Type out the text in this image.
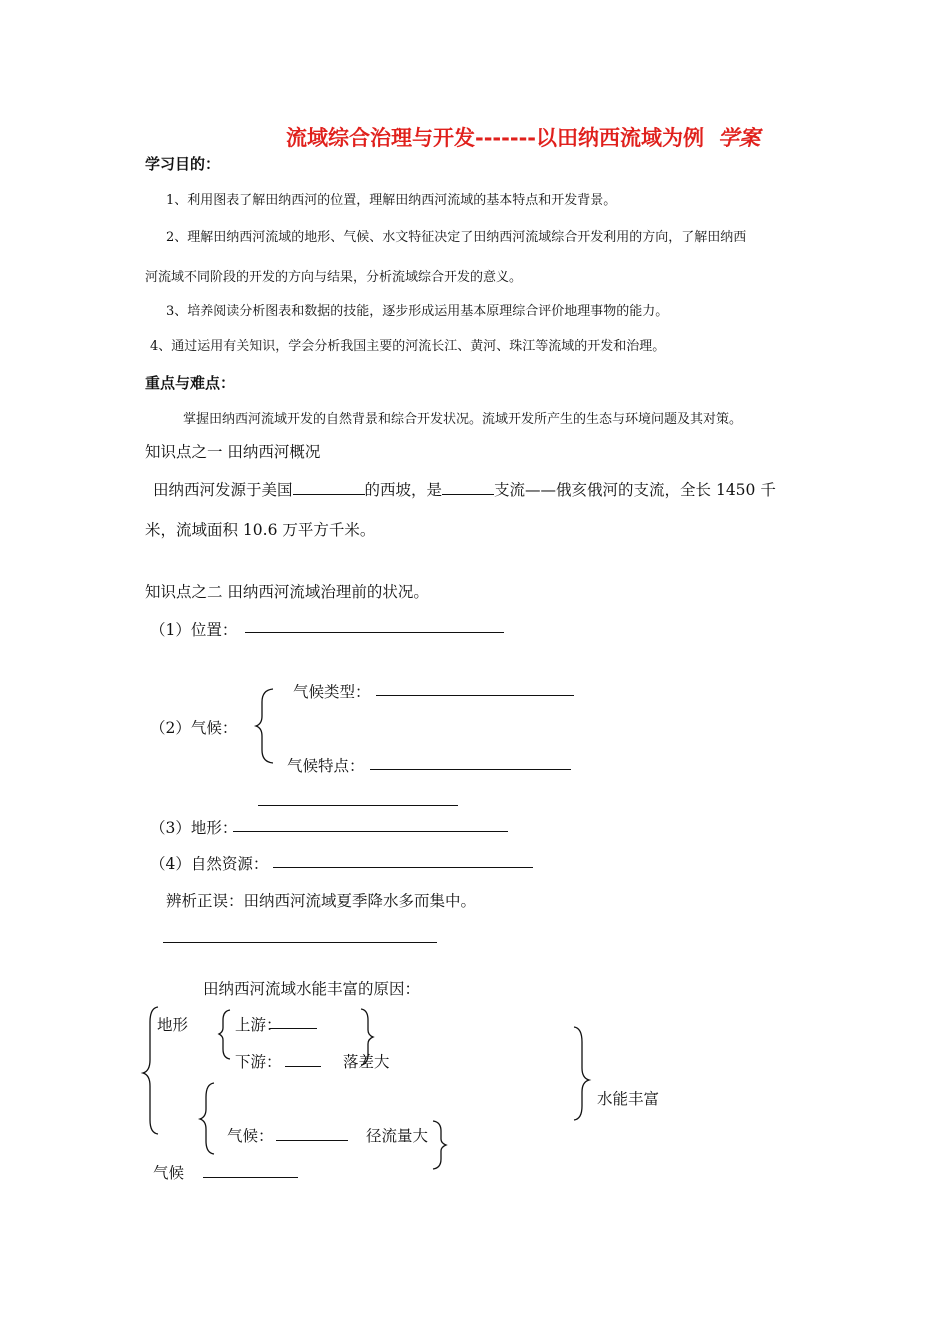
流域综合治理与开发-------以田纳西流域为例 学案
学习目的：
1、利用图表了解田纳西河的位置，理解田纳西河流域的基本特点和开发背景。
2、理解田纳西河流域的地形、气候、水文特征决定了田纳西河流域综合开发利用的方向，了解田纳西
河流域不同阶段的开发的方向与结果，分析流域综合开发的意义。
3、培养阅读分析图表和数据的技能，逐步形成运用基本原理综合评价地理事物的能力。
4、通过运用有关知识，学会分析我国主要的河流长江、黄河、珠江等流域的开发和治理。
重点与难点：
掌握田纳西河流域开发的自然背景和综合开发状况。流域开发所产生的生态与环境问题及其对策。
知识点之一 田纳西河概况
田纳西河发源于美国	的西坡，是	支流——俄亥俄河的支流，全长 1450 千
米，流域面积 10.6 万平方千米。
知识点之二 田纳西河流域治理前的状况。
（1）位置：
（2）气候：
气候类型：
气候特点：
（3）地形：
（4）自然资源：
辨析正误：田纳西河流域夏季降水多而集中。
田纳西河流域水能丰富的原因：
地形	上游：
下游：	落差大
水能丰富
气候：	径流量大
气候
